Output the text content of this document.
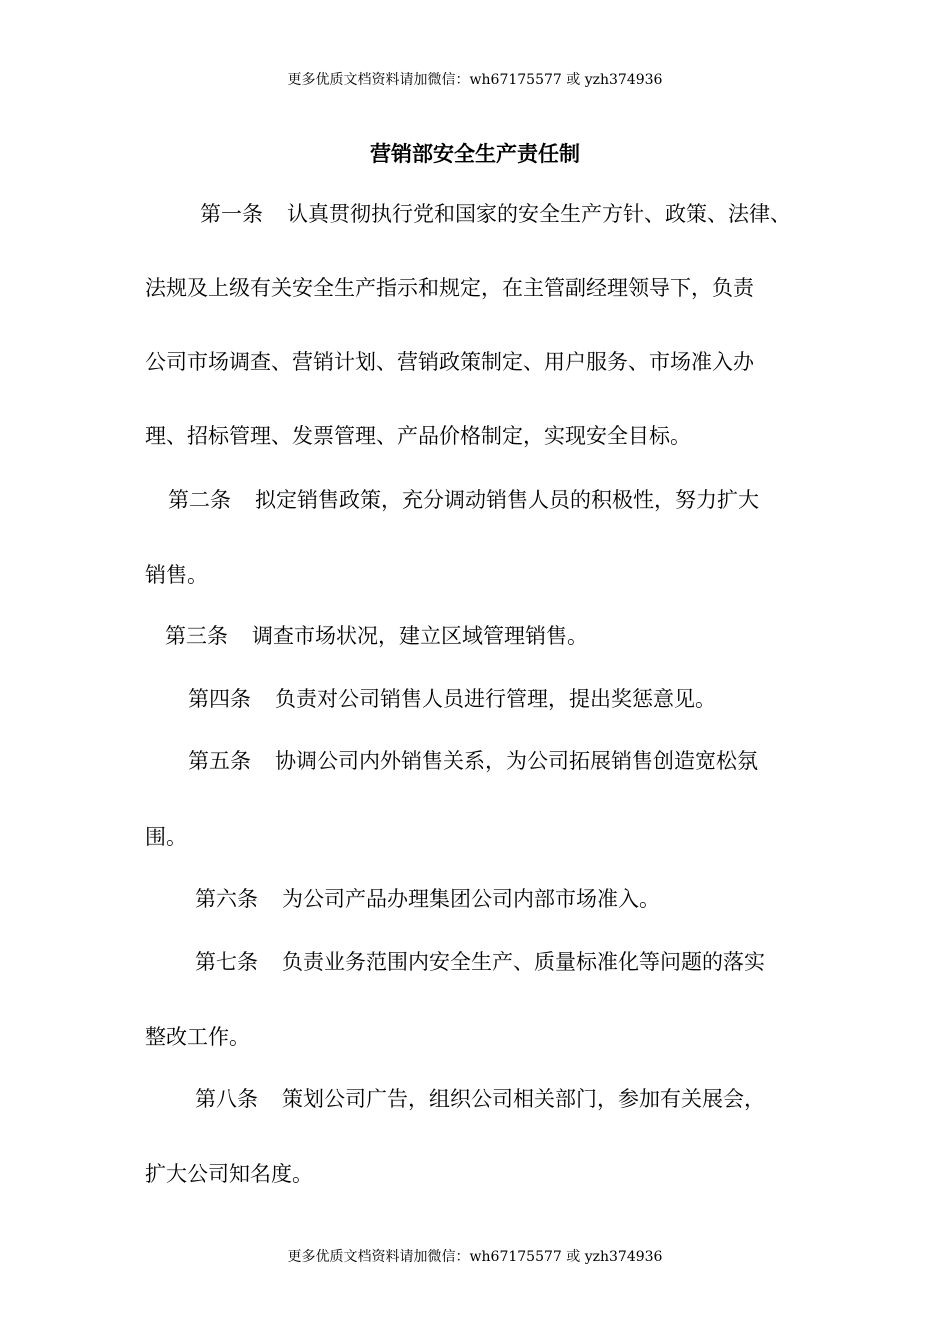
更多优质文档资料请加微信：wh67175577 或 yzh374936
营销部安全生产责任制
第一条 认真贯彻执行党和国家的安全生产方针、政策、法律、
法规及上级有关安全生产指示和规定，在主管副经理领导下，负责
公司市场调查、营销计划、营销政策制定、用户服务、市场准入办
理、招标管理、发票管理、产品价格制定，实现安全目标。
第二条 拟定销售政策，充分调动销售人员的积极性，努力扩大
销售。
第三条 调查市场状况，建立区域管理销售。
第四条 负责对公司销售人员进行管理，提出奖惩意见。
第五条 协调公司内外销售关系，为公司拓展销售创造宽松氛
围。
第六条 为公司产品办理集团公司内部市场准入。
第七条 负责业务范围内安全生产、质量标准化等问题的落实
整改工作。
第八条 策划公司广告，组织公司相关部门，参加有关展会，
扩大公司知名度。
更多优质文档资料请加微信：wh67175577 或 yzh374936
